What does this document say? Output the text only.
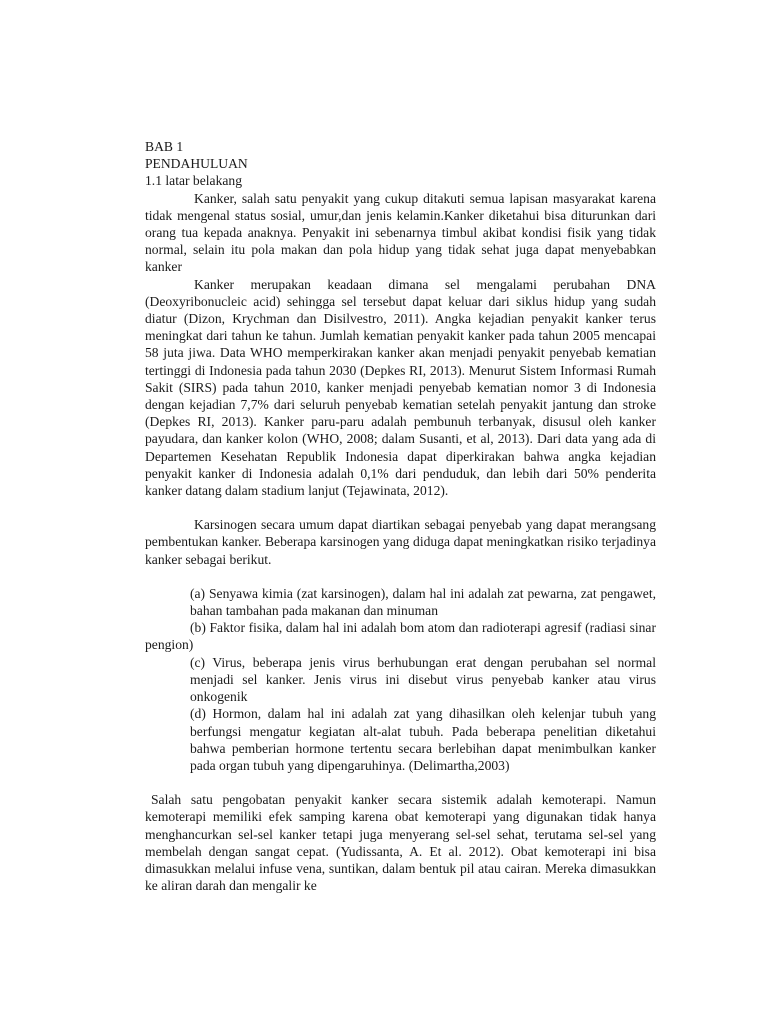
BAB 1
PENDAHULUAN
1.1 latar belakang

Kanker, salah satu penyakit yang cukup ditakuti semua lapisan masyarakat karena tidak mengenal status sosial, umur,dan jenis kelamin.Kanker diketahui bisa diturunkan dari orang tua kepada anaknya. Penyakit ini sebenarnya timbul akibat kondisi fisik yang tidak normal, selain itu pola makan dan pola hidup yang tidak sehat juga dapat menyebabkan kanker

Kanker merupakan keadaan dimana sel mengalami perubahan DNA (Deoxyribonucleic acid) sehingga sel tersebut dapat keluar dari siklus hidup yang sudah diatur (Dizon, Krychman dan Disilvestro, 2011). Angka kejadian penyakit kanker terus meningkat dari tahun ke tahun. Jumlah kematian penyakit kanker pada tahun 2005 mencapai 58 juta jiwa. Data WHO memperkirakan kanker akan menjadi penyakit penyebab kematian tertinggi di Indonesia pada tahun 2030 (Depkes RI, 2013). Menurut Sistem Informasi Rumah Sakit (SIRS) pada tahun 2010, kanker menjadi penyebab kematian nomor 3 di Indonesia dengan kejadian 7,7% dari seluruh penyebab kematian setelah penyakit jantung dan stroke (Depkes RI, 2013). Kanker paru-paru adalah pembunuh terbanyak, disusul oleh kanker payudara, dan kanker kolon (WHO, 2008; dalam Susanti, et al, 2013). Dari data yang ada di Departemen Kesehatan Republik Indonesia dapat diperkirakan bahwa angka kejadian penyakit kanker di Indonesia adalah 0,1% dari penduduk, dan lebih dari 50% penderita kanker datang dalam stadium lanjut (Tejawinata, 2012).

Karsinogen secara umum dapat diartikan sebagai penyebab yang dapat merangsang pembentukan kanker. Beberapa karsinogen yang diduga dapat meningkatkan risiko terjadinya kanker sebagai berikut.

(a) Senyawa kimia (zat karsinogen), dalam hal ini adalah zat pewarna, zat pengawet, bahan tambahan pada makanan dan minuman

(b) Faktor fisika, dalam hal ini adalah bom atom dan radioterapi agresif (radiasi sinar pengion)

(c) Virus, beberapa jenis virus berhubungan erat dengan perubahan sel normal menjadi sel kanker. Jenis virus ini disebut virus penyebab kanker atau virus onkogenik

(d) Hormon, dalam hal ini adalah zat yang dihasilkan oleh kelenjar tubuh yang berfungsi mengatur kegiatan alt-alat tubuh. Pada beberapa penelitian diketahui bahwa pemberian hormone tertentu secara berlebihan dapat menimbulkan kanker pada organ tubuh yang dipengaruhinya. (Delimartha,2003)

Salah satu pengobatan penyakit kanker secara sistemik adalah kemoterapi. Namun kemoterapi memiliki efek samping karena obat kemoterapi yang digunakan tidak hanya menghancurkan sel-sel kanker tetapi juga menyerang sel-sel sehat, terutama sel-sel yang membelah dengan sangat cepat. (Yudissanta, A. Et al. 2012). Obat kemoterapi ini bisa dimasukkan melalui infuse vena, suntikan, dalam bentuk pil atau cairan. Mereka dimasukkan ke aliran darah dan mengalir ke
